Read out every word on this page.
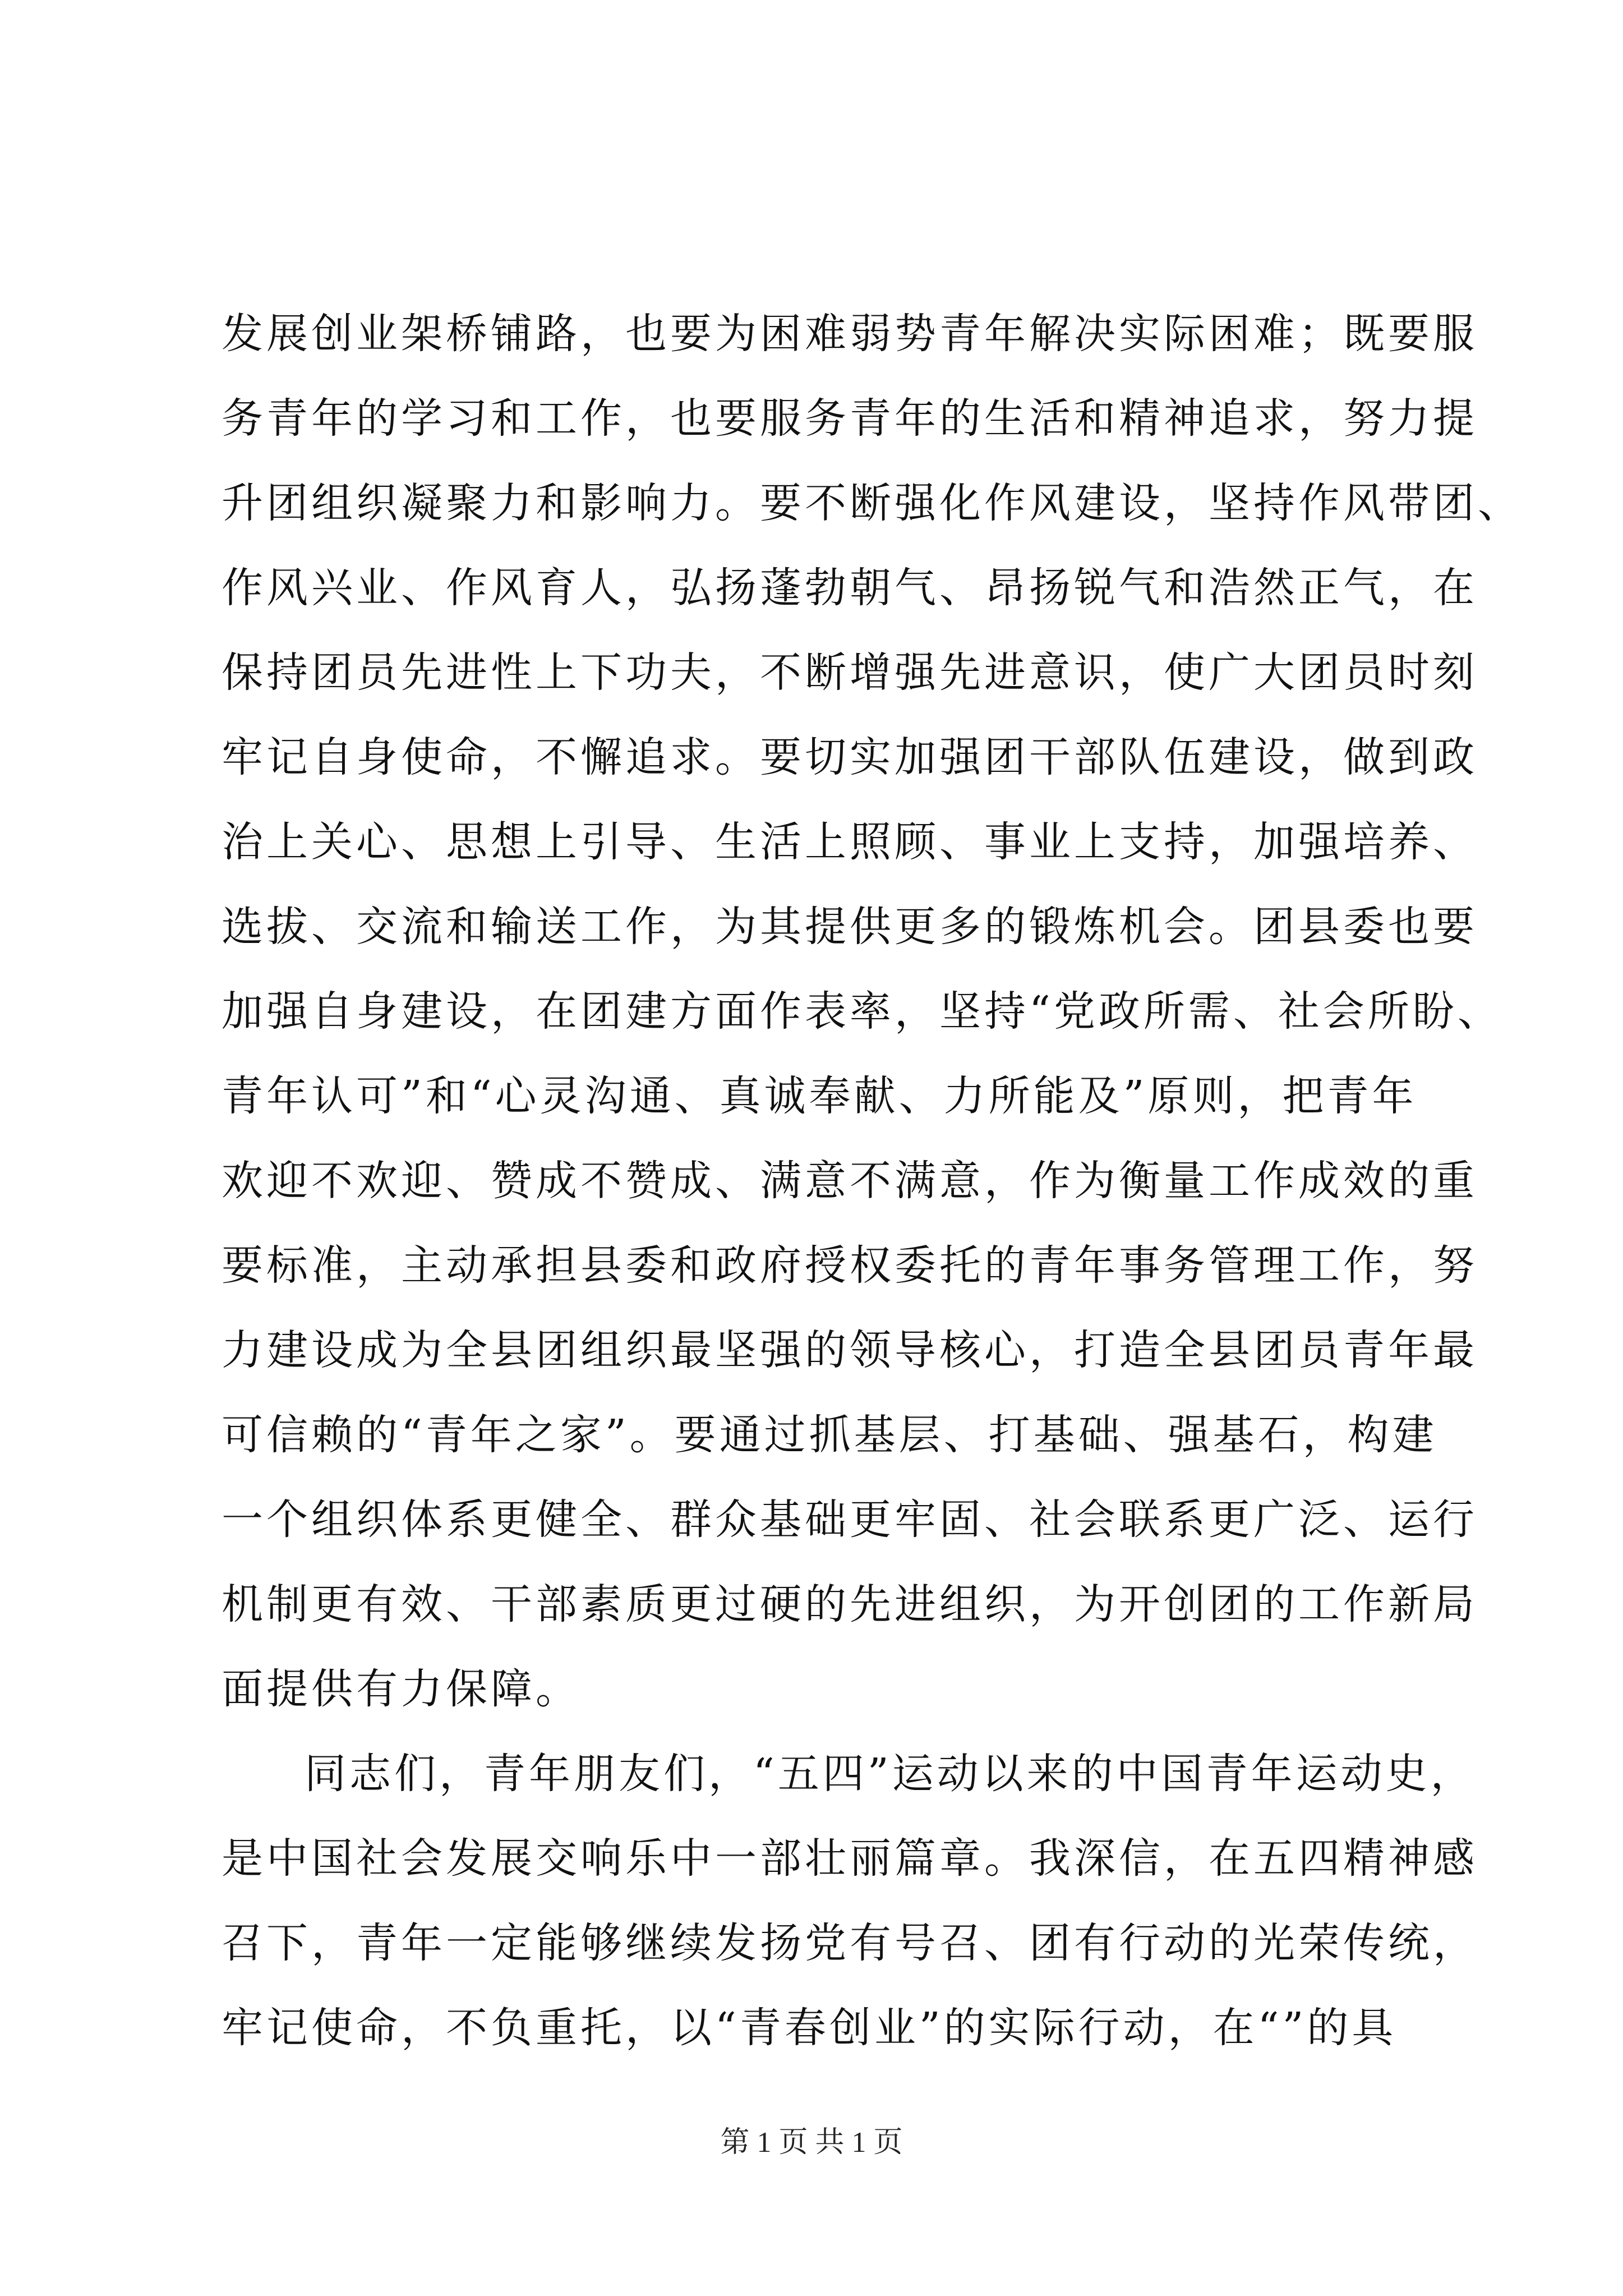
发展创业架桥铺路，也要为困难弱势青年解决实际困难；既要服
务青年的学习和工作，也要服务青年的生活和精神追求，努力提
升团组织凝聚力和影响力。要不断强化作风建设，坚持作风带团、
作风兴业、作风育人，弘扬蓬勃朝气、昂扬锐气和浩然正气，在
保持团员先进性上下功夫，不断增强先进意识，使广大团员时刻
牢记自身使命，不懈追求。要切实加强团干部队伍建设，做到政
治上关心、思想上引导、生活上照顾、事业上支持，加强培养、
选拔、交流和输送工作，为其提供更多的锻炼机会。团县委也要
加强自身建设，在团建方面作表率，坚持“党政所需、社会所盼、
青年认可”和“心灵沟通、真诚奉献、力所能及”原则，把青年
欢迎不欢迎、赞成不赞成、满意不满意，作为衡量工作成效的重
要标准，主动承担县委和政府授权委托的青年事务管理工作，努
力建设成为全县团组织最坚强的领导核心，打造全县团员青年最
可信赖的“青年之家”。要通过抓基层、打基础、强基石，构建
一个组织体系更健全、群众基础更牢固、社会联系更广泛、运行
机制更有效、干部素质更过硬的先进组织，为开创团的工作新局
面提供有力保障。
同志们，青年朋友们，“五四”运动以来的中国青年运动史，
是中国社会发展交响乐中一部壮丽篇章。我深信，在五四精神感
召下，青年一定能够继续发扬党有号召、团有行动的光荣传统，
牢记使命，不负重托，以“青春创业”的实际行动，在“”的具
第 1 页 共 1 页
